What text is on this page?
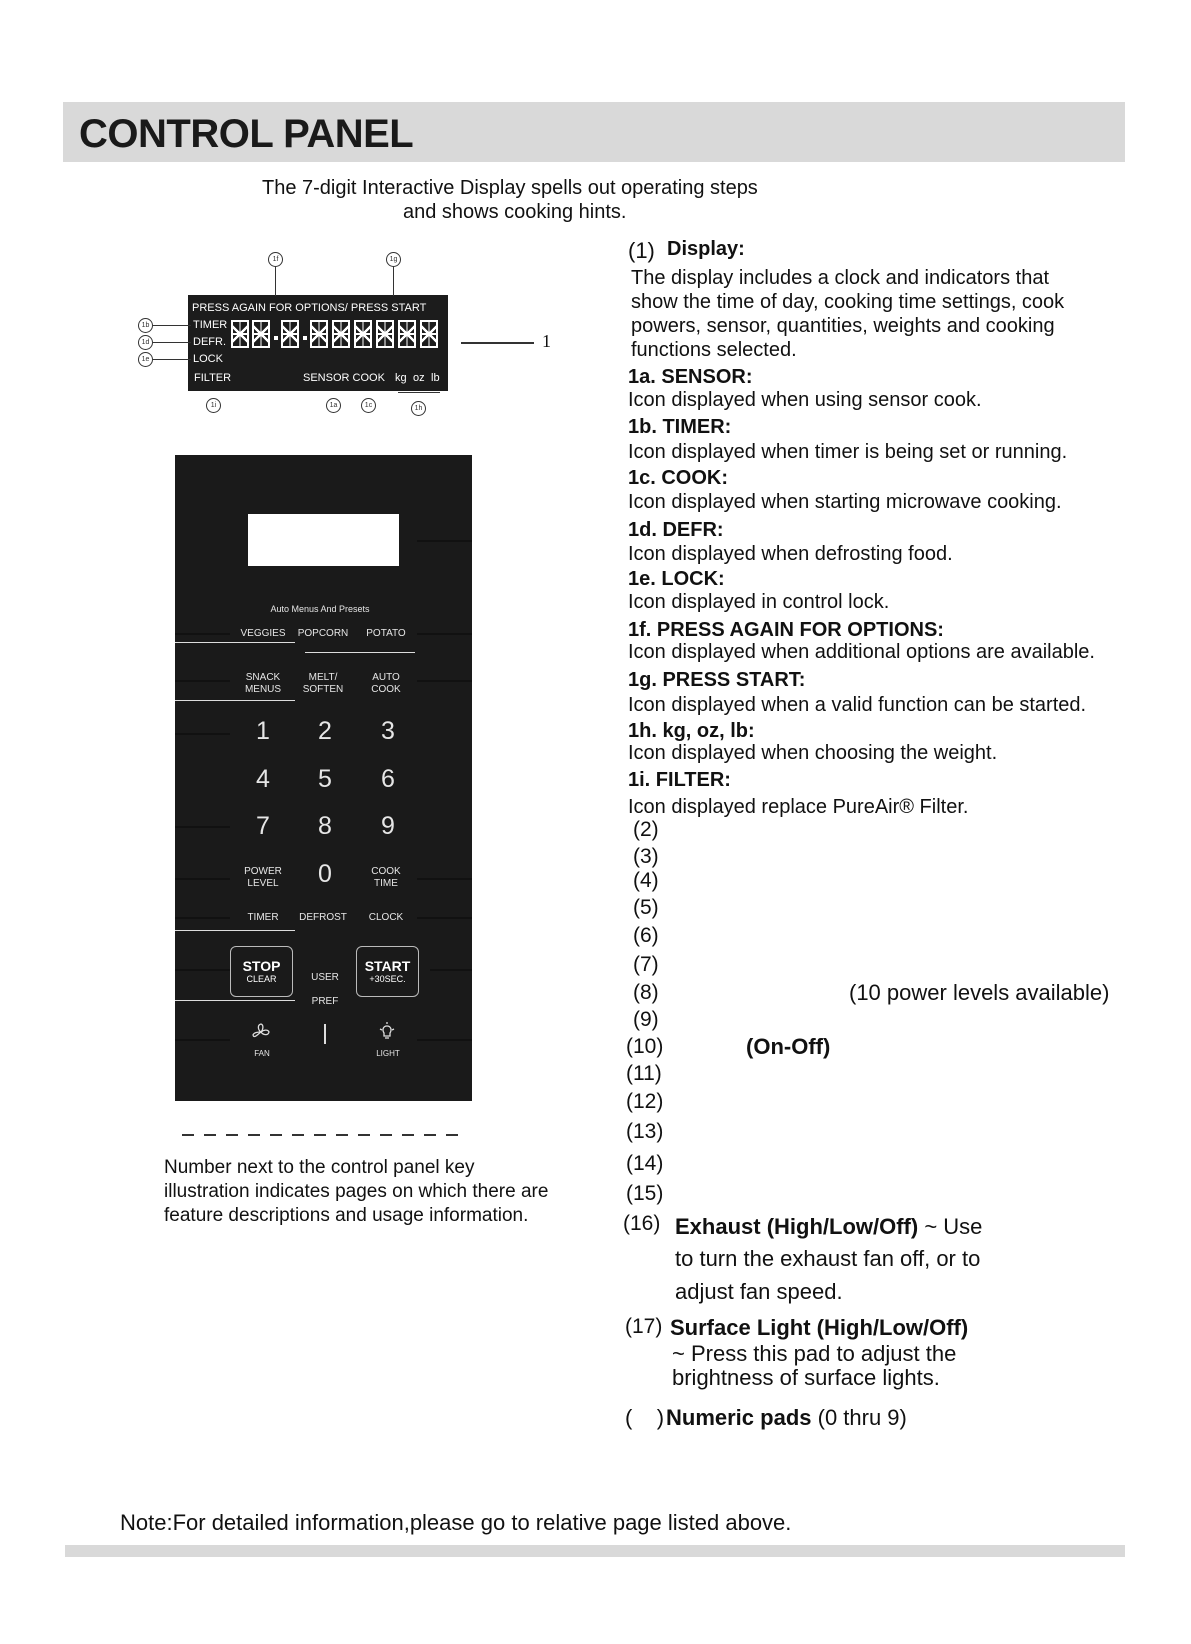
CONTROL PANEL
The 7-digit Interactive Display spells out operating steps
and shows cooking hints.
PRESS AGAIN FOR OPTIONS/ PRESS START
TIMER
DEFR.
LOCK
FILTER	SENSOR COOK kg oz lb
1f	1g
1b
1d
1e
1i	1a	1c	1h
1
Auto Menus And Presets
VEGGIES	POPCORN	POTATO
SNACK
MENUS
MELT/
SOFTEN
AUTO
COOK
1	2	3
4	5	6
7	8	9
POWER
LEVEL	0	COOK
TIME
TIMER	DEFROST	CLOCK
STOP
CLEAR	USER

PREF

START
+30SEC.
FAN	LIGHT
Number next to the control panel key illustration indicates pages on which there are feature descriptions and usage information.
(1) Display:
The display includes a clock and indicators that
show the time of day, cooking time settings, cook
powers, sensor, quantities, weights and cooking
functions selected.
1a. SENSOR:
Icon displayed when using sensor cook.
1b. TIMER:
Icon displayed when timer is being set or running.
1c. COOK:
Icon displayed when starting microwave cooking.
1d. DEFR:
Icon displayed when defrosting food.
1e. LOCK:
Icon displayed in control lock.
1f. PRESS AGAIN FOR OPTIONS:
Icon displayed when additional options are available.
1g. PRESS START:
Icon displayed when a valid function can be started.
1h. kg, oz, lb:
Icon displayed when choosing the weight.
1i. FILTER:
Icon displayed replace PureAir® Filter.
(2)
(3)
(4)
(5)
(6)
(7)
(8)	(10 power levels available)
(9)
(10)	(On-Off)
(11)
(12)
(13)
(14)
(15)
(16) Exhaust (High/Low/Off) ~ Use
to turn the exhaust fan off, or to
adjust fan speed.
(17) Surface Light (High/Low/Off)
~ Press this pad to adjust the
brightness of surface lights.
(    ) Numeric pads (0 thru 9)
Note:For detailed information,please go to relative page listed above.
